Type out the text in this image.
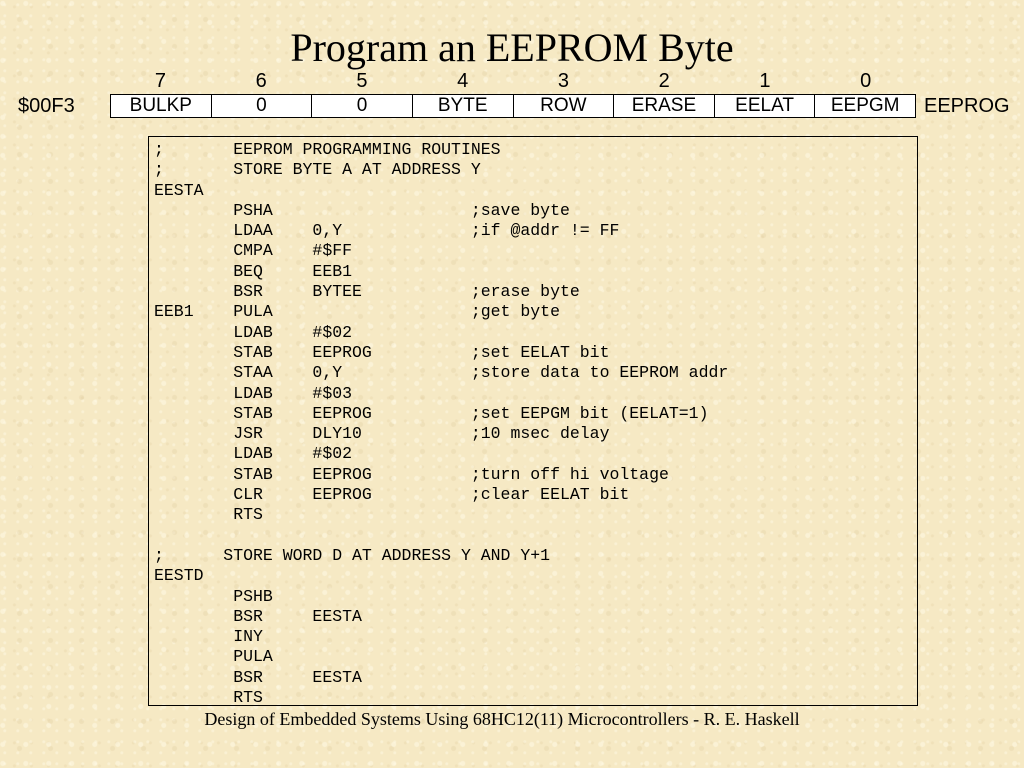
Program an EEPROM Byte
7	6	5	4	3	2	1	0
$00F3	BULKP	0	0	BYTE	ROW	ERASE	EELAT	EEPGM	EEPROG
;       EEPROM PROGRAMMING ROUTINES
;       STORE BYTE A AT ADDRESS Y
EESTA
PSHA                    ;save byte
LDAA    0,Y             ;if @addr != FF
CMPA    #$FF
BEQ     EEB1
BSR     BYTEE           ;erase byte
EEB1    PULA                    ;get byte
LDAB    #$02
STAB    EEPROG          ;set EELAT bit
STAA    0,Y             ;store data to EEPROM addr
LDAB    #$03
STAB    EEPROG          ;set EEPGM bit (EELAT=1)
JSR     DLY10           ;10 msec delay
LDAB    #$02
STAB    EEPROG          ;turn off hi voltage
CLR     EEPROG          ;clear EELAT bit
RTS

;      STORE WORD D AT ADDRESS Y AND Y+1
EESTD
PSHB
BSR     EESTA
INY
PULA
BSR     EESTA
RTS
Design of Embedded Systems Using 68HC12(11) Microcontrollers - R. E. Haskell
